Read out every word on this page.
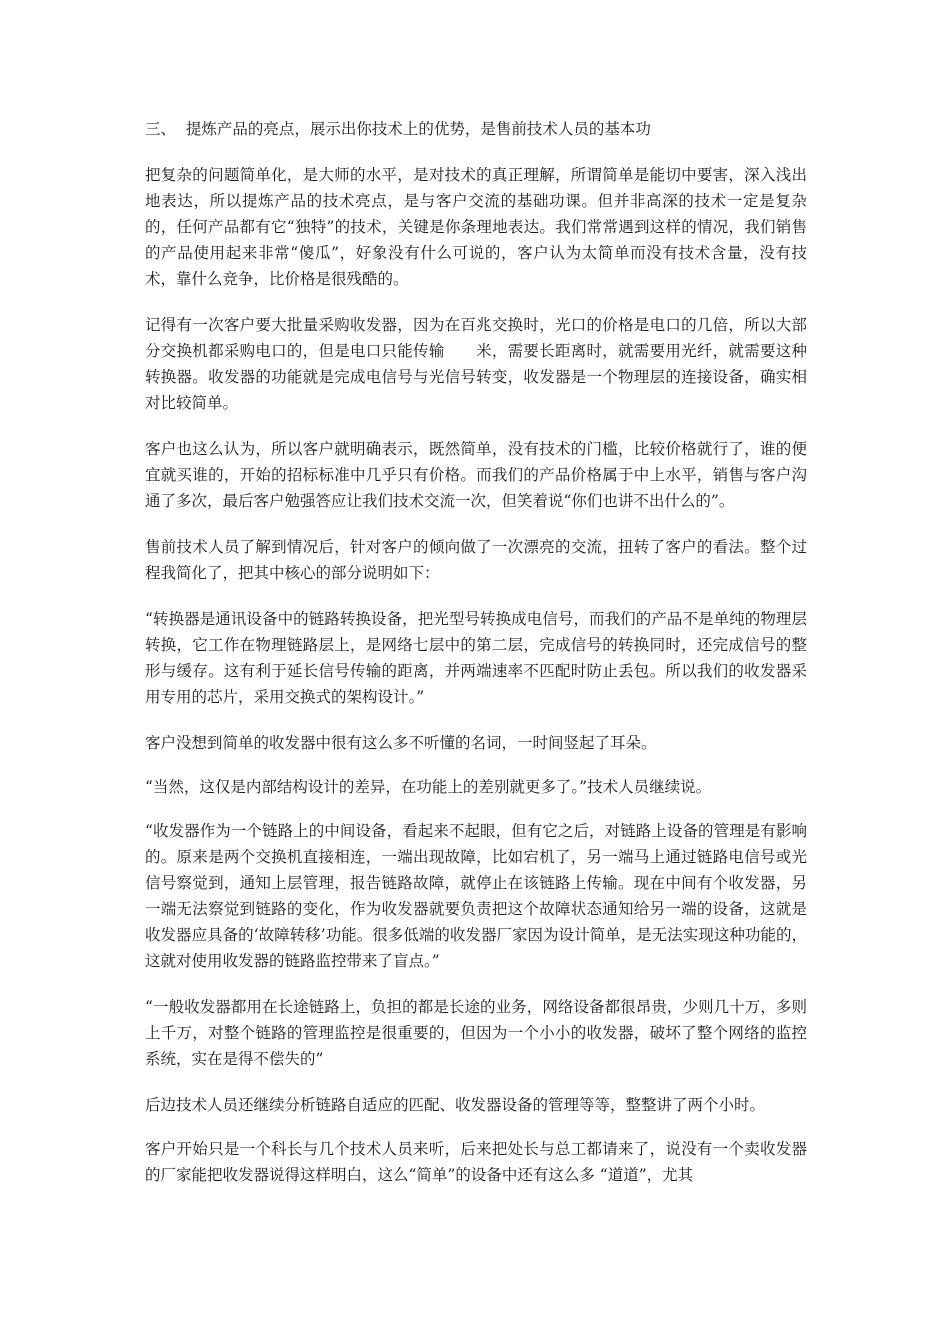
三、  提炼产品的亮点，展示出你技术上的优势，是售前技术人员的基本功

把复杂的问题简单化，是大师的水平，是对技术的真正理解，所谓简单是能切中要害，深入浅出地表达，所以提炼产品的技术亮点，是与客户交流的基础功课。但并非高深的技术一定是复杂的，任何产品都有它“独特”的技术，关键是你条理地表达。我们常常遇到这样的情况，我们销售的产品使用起来非常“傻瓜”，好象没有什么可说的，客户认为太简单而没有技术含量，没有技术，靠什么竞争，比价格是很残酷的。

记得有一次客户要大批量采购收发器，因为在百兆交换时，光口的价格是电口的几倍，所以大部分交换机都采购电口的，但是电口只能传输　　米，需要长距离时，就需要用光纤，就需要这种转换器。收发器的功能就是完成电信号与光信号转变，收发器是一个物理层的连接设备，确实相对比较简单。

客户也这么认为，所以客户就明确表示，既然简单，没有技术的门槛，比较价格就行了，谁的便宜就买谁的，开始的招标标准中几乎只有价格。而我们的产品价格属于中上水平，销售与客户沟通了多次，最后客户勉强答应让我们技术交流一次，但笑着说“你们也讲不出什么的”。

售前技术人员了解到情况后，针对客户的倾向做了一次漂亮的交流，扭转了客户的看法。整个过程我简化了，把其中核心的部分说明如下：

“转换器是通讯设备中的链路转换设备，把光型号转换成电信号，而我们的产品不是单纯的物理层转换，它工作在物理链路层上，是网络七层中的第二层，完成信号的转换同时，还完成信号的整形与缓存。这有利于延长信号传输的距离，并两端速率不匹配时防止丢包。所以我们的收发器采用专用的芯片，采用交换式的架构设计。”

客户没想到简单的收发器中很有这么多不听懂的名词，一时间竖起了耳朵。

“当然，这仅是内部结构设计的差异，在功能上的差别就更多了。”技术人员继续说。

“收发器作为一个链路上的中间设备，看起来不起眼，但有它之后，对链路上设备的管理是有影响的。原来是两个交换机直接相连，一端出现故障，比如宕机了，另一端马上通过链路电信号或光信号察觉到，通知上层管理，报告链路故障，就停止在该链路上传输。现在中间有个收发器，另一端无法察觉到链路的变化，作为收发器就要负责把这个故障状态通知给另一端的设备，这就是收发器应具备的‘故障转移’功能。很多低端的收发器厂家因为设计简单，是无法实现这种功能的，这就对使用收发器的链路监控带来了盲点。”

“一般收发器都用在长途链路上，负担的都是长途的业务，网络设备都很昂贵，少则几十万，多则上千万，对整个链路的管理监控是很重要的，但因为一个小小的收发器，破坏了整个网络的监控系统，实在是得不偿失的”

后边技术人员还继续分析链路自适应的匹配、收发器设备的管理等等，整整讲了两个小时。

客户开始只是一个科长与几个技术人员来听，后来把处长与总工都请来了，说没有一个卖收发器的厂家能把收发器说得这样明白，这么“简单”的设备中还有这么多 “道道”，尤其
